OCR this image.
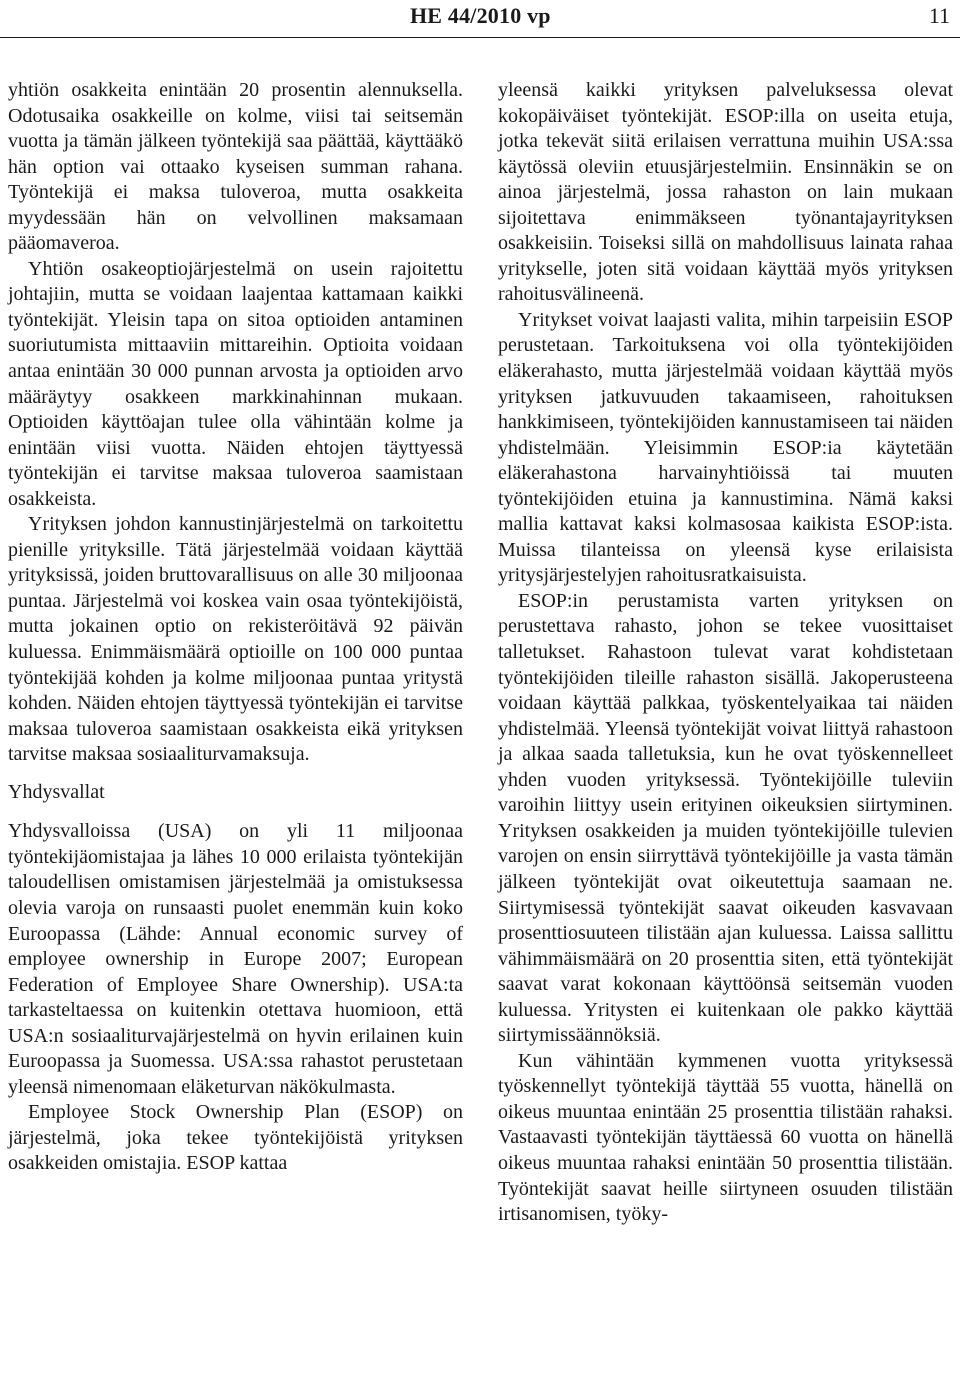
HE 44/2010 vp	11

yhtiön osakkeita enintään 20 prosentin alennuksella. Odotusaika osakkeille on kolme, viisi tai seitsemän vuotta ja tämän jälkeen työntekijä saa päättää, käyttääkö hän option vai ottaako kyseisen summan rahana. Työntekijä ei maksa tuloveroa, mutta osakkeita myydessään hän on velvollinen maksamaan pääomaveroa.

Yhtiön osakeoptiojärjestelmä on usein rajoitettu johtajiin, mutta se voidaan laajentaa kattamaan kaikki työntekijät. Yleisin tapa on sitoa optioiden antaminen suoriutumista mittaaviin mittareihin. Optioita voidaan antaa enintään 30 000 punnan arvosta ja optioiden arvo määräytyy osakkeen markkinahinnan mukaan. Optioiden käyttöajan tulee olla vähintään kolme ja enintään viisi vuotta. Näiden ehtojen täyttyessä työntekijän ei tarvitse maksaa tuloveroa saamistaan osakkeista.

Yrityksen johdon kannustinjärjestelmä on tarkoitettu pienille yrityksille. Tätä järjestelmää voidaan käyttää yrityksissä, joiden bruttovarallisuus on alle 30 miljoonaa puntaa. Järjestelmä voi koskea vain osaa työntekijöistä, mutta jokainen optio on rekisteröitävä 92 päivän kuluessa. Enimmäismäärä optioille on 100 000 puntaa työntekijää kohden ja kolme miljoonaa puntaa yritystä kohden. Näiden ehtojen täyttyessä työntekijän ei tarvitse maksaa tuloveroa saamistaan osakkeista eikä yrityksen tarvitse maksaa sosiaaliturvamaksuja.

Yhdysvallat

Yhdysvalloissa (USA) on yli 11 miljoonaa työntekijäomistajaa ja lähes 10 000 erilaista työntekijän taloudellisen omistamisen järjestelmää ja omistuksessa olevia varoja on runsaasti puolet enemmän kuin koko Euroopassa (Lähde: Annual economic survey of employee ownership in Europe 2007; European Federation of Employee Share Ownership). USA:ta tarkasteltaessa on kuitenkin otettava huomioon, että USA:n sosiaaliturvajärjestelmä on hyvin erilainen kuin Euroopassa ja Suomessa. USA:ssa rahastot perustetaan yleensä nimenomaan eläketurvan näkökulmasta.

Employee Stock Ownership Plan (ESOP) on järjestelmä, joka tekee työntekijöistä yrityksen osakkeiden omistajia. ESOP kattaa

yleensä kaikki yrityksen palveluksessa olevat kokopäiväiset työntekijät. ESOP:illa on useita etuja, jotka tekevät siitä erilaisen verrattuna muihin USA:ssa käytössä oleviin etuusjärjestelmiin. Ensinnäkin se on ainoa järjestelmä, jossa rahaston on lain mukaan sijoitettava enimmäkseen työnantajayrityksen osakkeisiin. Toiseksi sillä on mahdollisuus lainata rahaa yritykselle, joten sitä voidaan käyttää myös yrityksen rahoitusvälineenä.

Yritykset voivat laajasti valita, mihin tarpeisiin ESOP perustetaan. Tarkoituksena voi olla työntekijöiden eläkerahasto, mutta järjestelmää voidaan käyttää myös yrityksen jatkuvuuden takaamiseen, rahoituksen hankkimiseen, työntekijöiden kannustamiseen tai näiden yhdistelmään. Yleisimmin ESOP:ia käytetään eläkerahastona harvainyhtiöissä tai muuten työntekijöiden etuina ja kannustimina. Nämä kaksi mallia kattavat kaksi kolmasosaa kaikista ESOP:ista. Muissa tilanteissa on yleensä kyse erilaisista yritysjärjestelyjen rahoitusratkaisuista.

ESOP:in perustamista varten yrityksen on perustettava rahasto, johon se tekee vuosittaiset talletukset. Rahastoon tulevat varat kohdistetaan työntekijöiden tileille rahaston sisällä. Jakoperusteena voidaan käyttää palkkaa, työskentelyaikaa tai näiden yhdistelmää. Yleensä työntekijät voivat liittyä rahastoon ja alkaa saada talletuksia, kun he ovat työskennelleet yhden vuoden yrityksessä. Työntekijöille tuleviin varoihin liittyy usein erityinen oikeuksien siirtyminen. Yrityksen osakkeiden ja muiden työntekijöille tulevien varojen on ensin siirryttävä työntekijöille ja vasta tämän jälkeen työntekijät ovat oikeutettuja saamaan ne. Siirtymisessä työntekijät saavat oikeuden kasvavaan prosenttiosuuteen tilistään ajan kuluessa. Laissa sallittu vähimmäismäärä on 20 prosenttia siten, että työntekijät saavat varat kokonaan käyttöönsä seitsemän vuoden kuluessa. Yritysten ei kuitenkaan ole pakko käyttää siirtymissäännöksiä.

Kun vähintään kymmenen vuotta yrityksessä työskennellyt työntekijä täyttää 55 vuotta, hänellä on oikeus muuntaa enintään 25 prosenttia tilistään rahaksi. Vastaavasti työntekijän täyttäessä 60 vuotta on hänellä oikeus muuntaa rahaksi enintään 50 prosenttia tilistään. Työntekijät saavat heille siirtyneen osuuden tilistään irtisanomisen, työky-
